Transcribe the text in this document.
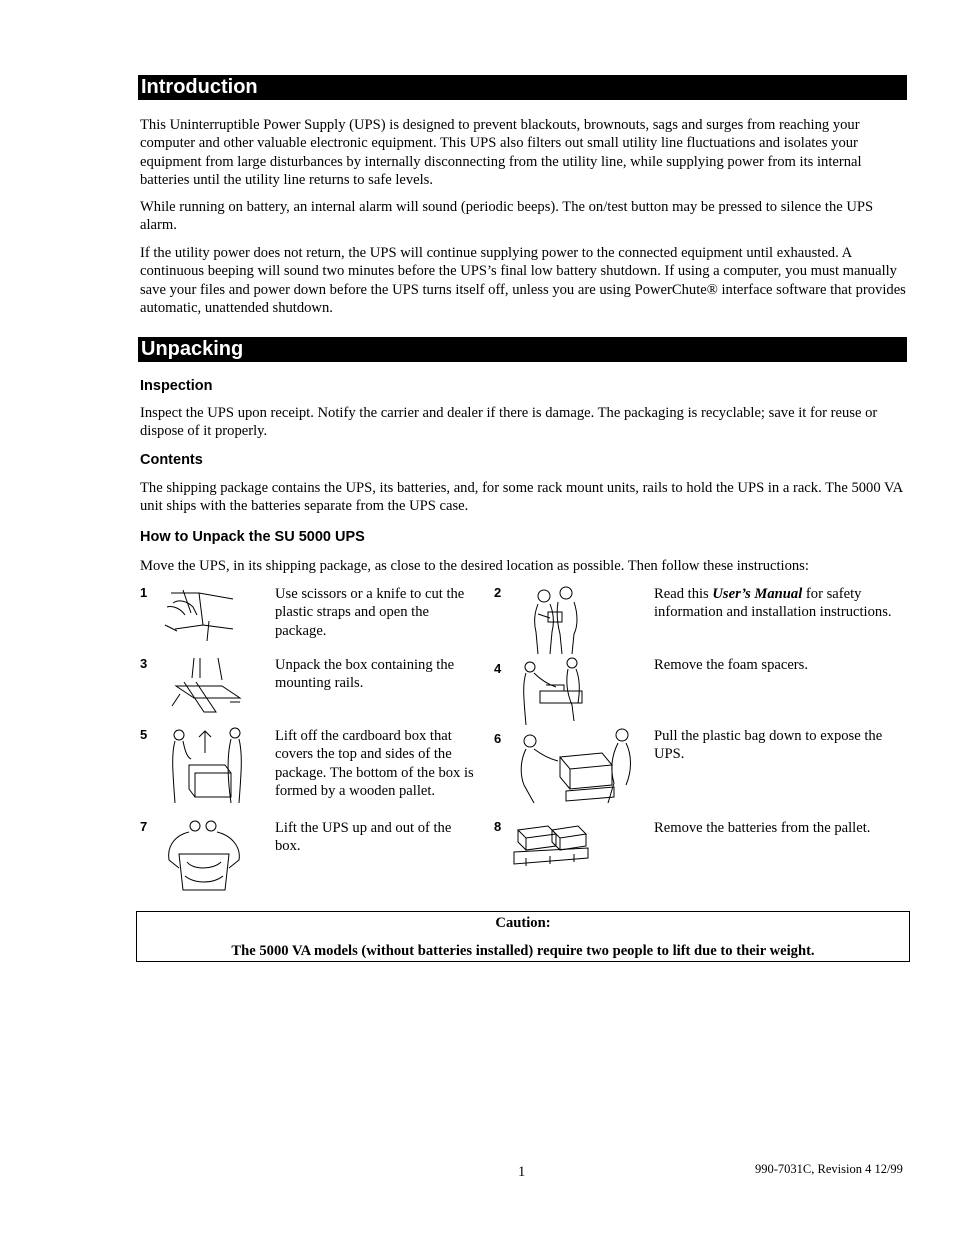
Introduction

This Uninterruptible Power Supply (UPS) is designed to prevent blackouts, brownouts, sags and surges from reaching your computer and other valuable electronic equipment. This UPS also filters out small utility line fluctuations and isolates your equipment from large disturbances by internally disconnecting from the utility line, while supplying power from its internal batteries until the utility line returns to safe levels.

While running on battery, an internal alarm will sound (periodic beeps). The on/test button may be pressed to silence the UPS alarm.

If the utility power does not return, the UPS will continue supplying power to the connected equipment until exhausted. A continuous beeping will sound two minutes before the UPS’s final low battery shutdown. If using a computer, you must manually save your files and power down before the UPS turns itself off, unless you are using PowerChute® interface software that provides automatic, unattended shutdown.

Unpacking

Inspection

Inspect the UPS upon receipt. Notify the carrier and dealer if there is damage. The packaging is recyclable; save it for reuse or dispose of it properly.

Contents

The shipping package contains the UPS, its batteries, and, for some rack mount units, rails to hold the UPS in a rack. The 5000 VA unit ships with the batteries separate from the UPS case.

How to Unpack the SU 5000 UPS

Move the UPS, in its shipping package, as close to the desired location as possible. Then follow these instructions:

1	Use scissors or a knife to cut the plastic straps and open the package.

2	Read this User’s Manual for safety information and installation instructions.

3	Unpack the box containing the mounting rails.

4	Remove the foam spacers.

5	Lift off the cardboard box that covers the top and sides of the package. The bottom of the box is formed by a wooden pallet.

6	Pull the plastic bag down to expose the UPS.

7	Lift the UPS up and out of the box.

8	Remove the batteries from the pallet.

Caution:
The 5000 VA models (without batteries installed) require two people to lift due to their weight.
1	990-7031C, Revision 4 12/99
